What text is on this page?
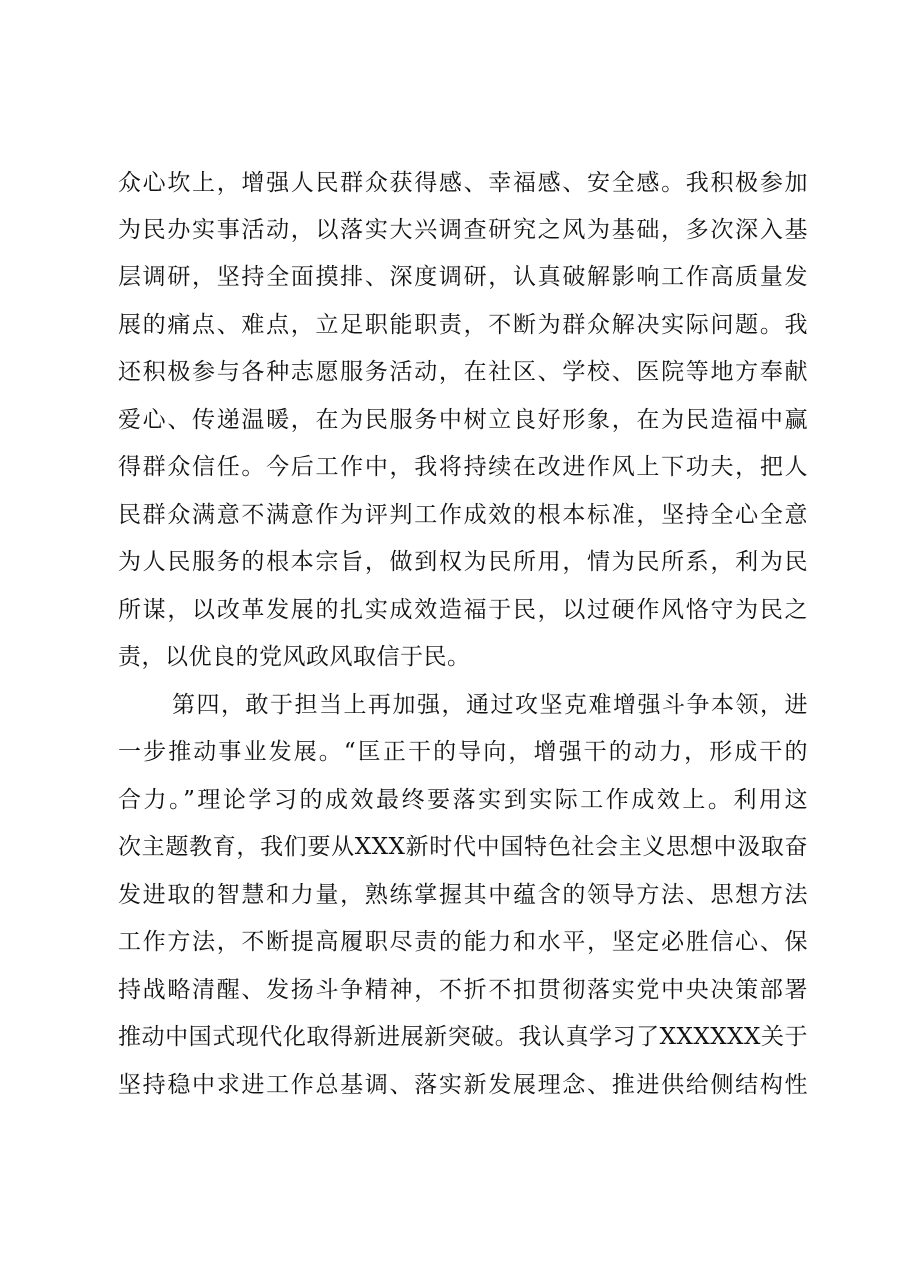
众心坎上，增强人民群众获得感、幸福感、安全感。我积极参加
为民办实事活动，以落实大兴调查研究之风为基础，多次深入基
层调研，坚持全面摸排、深度调研，认真破解影响工作高质量发
展的痛点、难点，立足职能职责，不断为群众解决实际问题。我
还积极参与各种志愿服务活动，在社区、学校、医院等地方奉献
爱心、传递温暖，在为民服务中树立良好形象，在为民造福中赢
得群众信任。今后工作中，我将持续在改进作风上下功夫，把人
民群众满意不满意作为评判工作成效的根本标准，坚持全心全意
为人民服务的根本宗旨，做到权为民所用，情为民所系，利为民
所谋，以改革发展的扎实成效造福于民，以过硬作风恪守为民之
责，以优良的党风政风取信于民。
第四，敢于担当上再加强，通过攻坚克难增强斗争本领，进
一步推动事业发展。“匡正干的导向，增强干的动力，形成干的
合力。”理论学习的成效最终要落实到实际工作成效上。利用这
次主题教育，我们要从XXX新时代中国特色社会主义思想中汲取奋
发进取的智慧和力量，熟练掌握其中蕴含的领导方法、思想方法
工作方法，不断提高履职尽责的能力和水平，坚定必胜信心、保
持战略清醒、发扬斗争精神，不折不扣贯彻落实党中央决策部署
推动中国式现代化取得新进展新突破。我认真学习了XXXXXX关于
坚持稳中求进工作总基调、落实新发展理念、推进供给侧结构性
